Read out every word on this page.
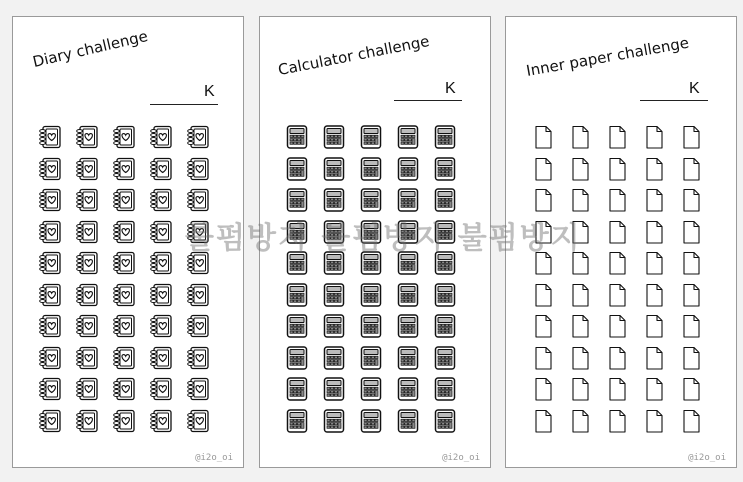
Diary challenge
K
@i2o_oi
Calculator challenge
K
@i2o_oi
Inner paper challenge
K
@i2o_oi
불펌방지 불펌방지 불펌방지
